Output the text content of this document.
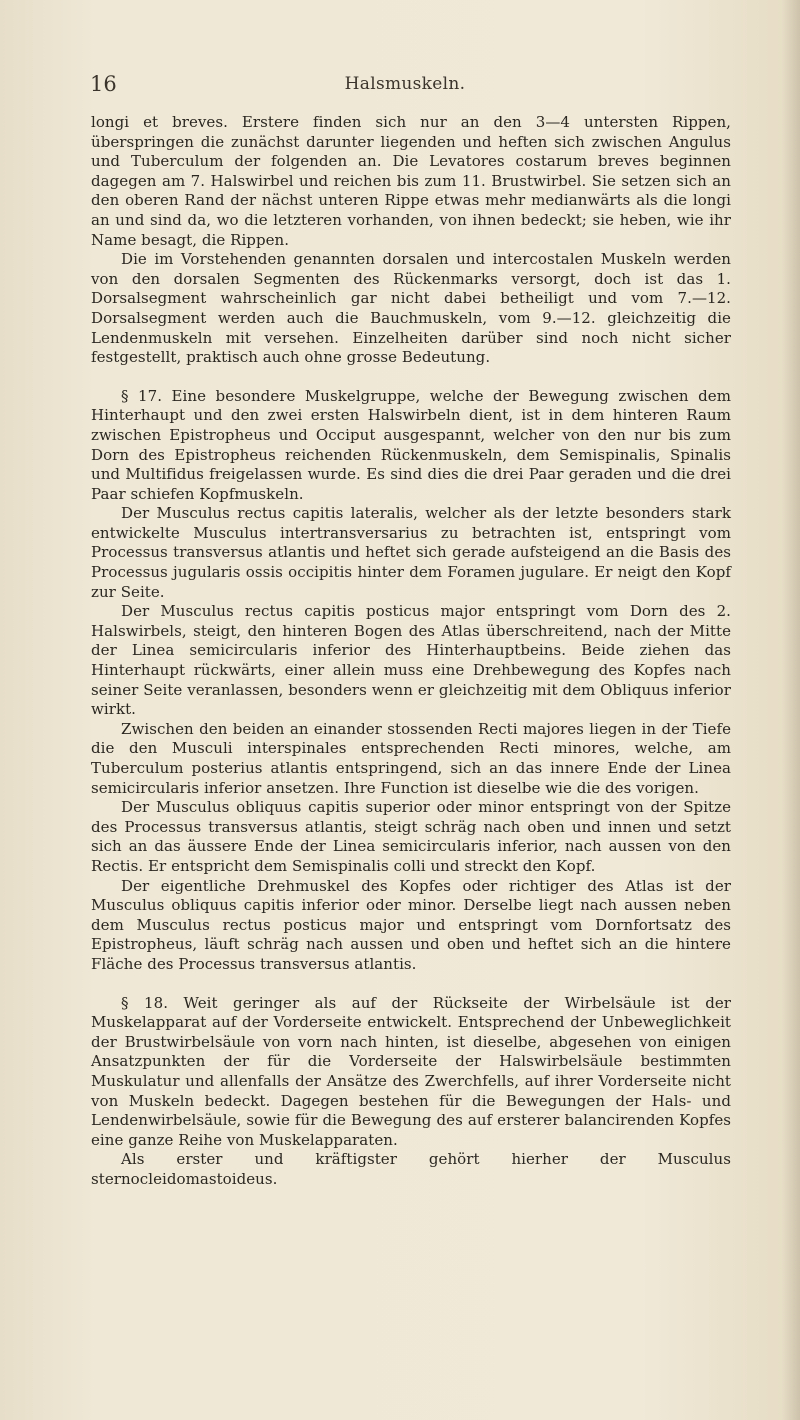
16	Halsmuskeln.

longi et breves. Erstere finden sich nur an den 3—4 untersten Rippen, überspringen die zunächst darunter liegenden und heften sich zwischen Angulus und Tuberculum der folgenden an. Die Levatores costarum breves beginnen dagegen am 7. Halswirbel und reichen bis zum 11. Brustwirbel. Sie setzen sich an den oberen Rand der nächst unteren Rippe etwas mehr medianwärts als die longi an und sind da, wo die letzteren vorhanden, von ihnen bedeckt; sie heben, wie ihr Name besagt, die Rippen.

Die im Vorstehenden genannten dorsalen und intercostalen Muskeln werden von den dorsalen Segmenten des Rückenmarks versorgt, doch ist das 1. Dorsalsegment wahrscheinlich gar nicht dabei betheiligt und vom 7.—12. Dorsalsegment werden auch die Bauchmuskeln, vom 9.—12. gleichzeitig die Lendenmuskeln mit versehen. Einzelheiten darüber sind noch nicht sicher festgestellt, praktisch auch ohne grosse Bedeutung.

§ 17. Eine besondere Muskelgruppe, welche der Bewegung zwischen dem Hinterhaupt und den zwei ersten Halswirbeln dient, ist in dem hinteren Raum zwischen Epistropheus und Occiput ausgespannt, welcher von den nur bis zum Dorn des Epistropheus reichenden Rückenmuskeln, dem Semispinalis, Spinalis und Multifidus freigelassen wurde. Es sind dies die drei Paar geraden und die drei Paar schiefen Kopfmuskeln.

Der Musculus rectus capitis lateralis, welcher als der letzte besonders stark entwickelte Musculus intertransversarius zu betrachten ist, entspringt vom Processus transversus atlantis und heftet sich gerade aufsteigend an die Basis des Processus jugularis ossis occipitis hinter dem Foramen jugulare. Er neigt den Kopf zur Seite.

Der Musculus rectus capitis posticus major entspringt vom Dorn des 2. Halswirbels, steigt, den hinteren Bogen des Atlas überschreitend, nach der Mitte der Linea semicircularis inferior des Hinterhauptbeins. Beide ziehen das Hinterhaupt rückwärts, einer allein muss eine Drehbewegung des Kopfes nach seiner Seite veranlassen, besonders wenn er gleichzeitig mit dem Obliquus inferior wirkt.

Zwischen den beiden an einander stossenden Recti majores liegen in der Tiefe die den Musculi interspinales entsprechenden Recti minores, welche, am Tuberculum posterius atlantis entspringend, sich an das innere Ende der Linea semicircularis inferior ansetzen. Ihre Function ist dieselbe wie die des vorigen.

Der Musculus obliquus capitis superior oder minor entspringt von der Spitze des Processus transversus atlantis, steigt schräg nach oben und innen und setzt sich an das äussere Ende der Linea semicircularis inferior, nach aussen von den Rectis. Er entspricht dem Semispinalis colli und streckt den Kopf.

Der eigentliche Drehmuskel des Kopfes oder richtiger des Atlas ist der Musculus obliquus capitis inferior oder minor. Derselbe liegt nach aussen neben dem Musculus rectus posticus major und entspringt vom Dornfortsatz des Epistropheus, läuft schräg nach aussen und oben und heftet sich an die hintere Fläche des Processus transversus atlantis.

§ 18. Weit geringer als auf der Rückseite der Wirbelsäule ist der Muskelapparat auf der Vorderseite entwickelt. Entsprechend der Unbeweglichkeit der Brustwirbelsäule von vorn nach hinten, ist dieselbe, abgesehen von einigen Ansatzpunkten der für die Vorderseite der Halswirbelsäule bestimmten Muskulatur und allenfalls der Ansätze des Zwerchfells, auf ihrer Vorderseite nicht von Muskeln bedeckt. Dagegen bestehen für die Bewegungen der Hals- und Lendenwirbelsäule, sowie für die Bewegung des auf ersterer balancirenden Kopfes eine ganze Reihe von Muskelapparaten.

Als erster und kräftigster gehört hierher der Musculus sternocleidomastoideus.
